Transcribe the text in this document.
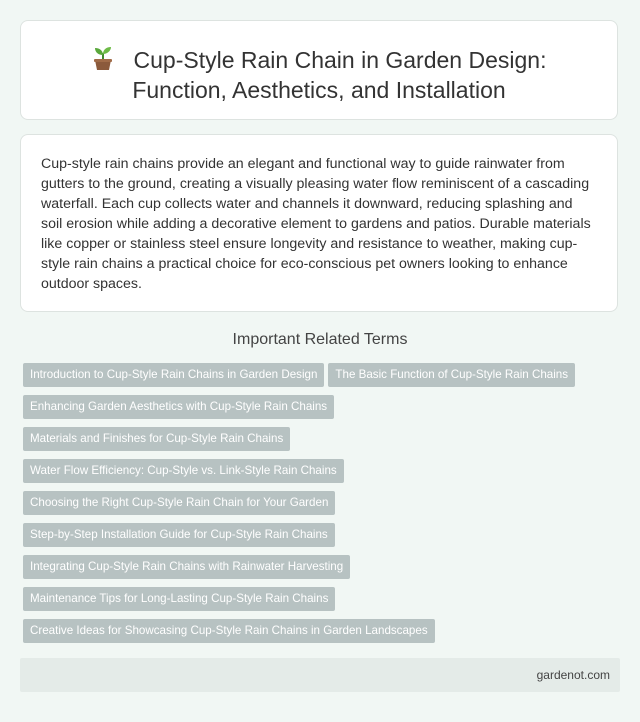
Cup-Style Rain Chain in Garden Design:
Function, Aesthetics, and Installation

Cup-style rain chains provide an elegant and functional way to guide rainwater from gutters to the ground, creating a visually pleasing water flow reminiscent of a cascading waterfall. Each cup collects water and channels it downward, reducing splashing and soil erosion while adding a decorative element to gardens and patios. Durable materials like copper or stainless steel ensure longevity and resistance to weather, making cup-style rain chains a practical choice for eco-conscious pet owners looking to enhance outdoor spaces.

Important Related Terms
Introduction to Cup-Style Rain Chains in Garden Design The Basic Function of Cup-Style Rain Chains
Enhancing Garden Aesthetics with Cup-Style Rain Chains
Materials and Finishes for Cup-Style Rain Chains
Water Flow Efficiency: Cup-Style vs. Link-Style Rain Chains
Choosing the Right Cup-Style Rain Chain for Your Garden
Step-by-Step Installation Guide for Cup-Style Rain Chains
Integrating Cup-Style Rain Chains with Rainwater Harvesting
Maintenance Tips for Long-Lasting Cup-Style Rain Chains
Creative Ideas for Showcasing Cup-Style Rain Chains in Garden Landscapes
gardenot.com
